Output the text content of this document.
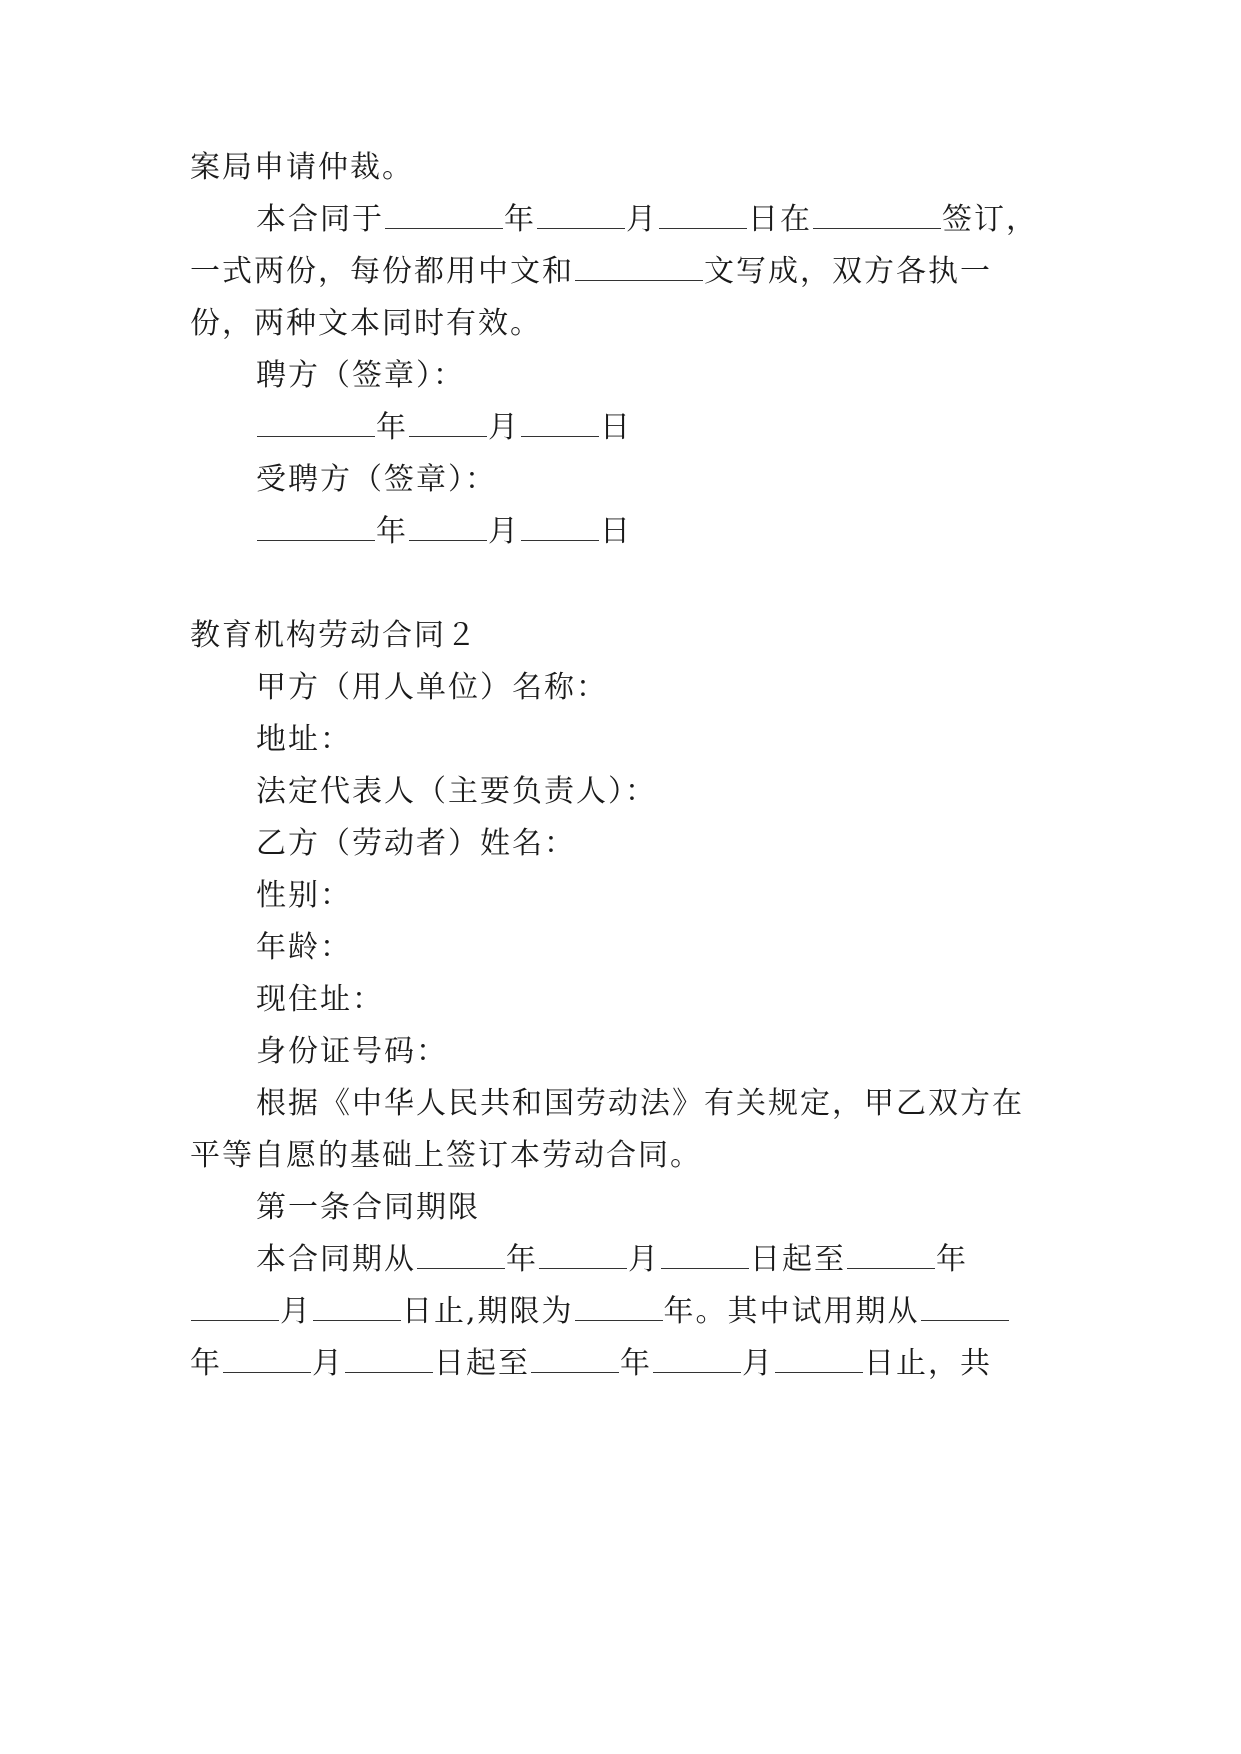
案局申请仲裁。
本合同于	年	月	日在	签订，
一式两份，每份都用中文和	文写成，双方各执一
份，两种文本同时有效。
聘方（签章）：
年	月	日
受聘方（签章）：
年	月	日
教育机构劳动合同２
甲方（用人单位）名称：
地址：
法定代表人（主要负责人）：
乙方（劳动者）姓名：
性别：
年龄：
现住址：
身份证号码：
根据《中华人民共和国劳动法》有关规定，甲乙双方在
平等自愿的基础上签订本劳动合同。
第一条合同期限
本合同期从	年	月	日起至	年
月	日止,期限为	年。其中试用期从
年	月	日起至	年	月	日止，共
